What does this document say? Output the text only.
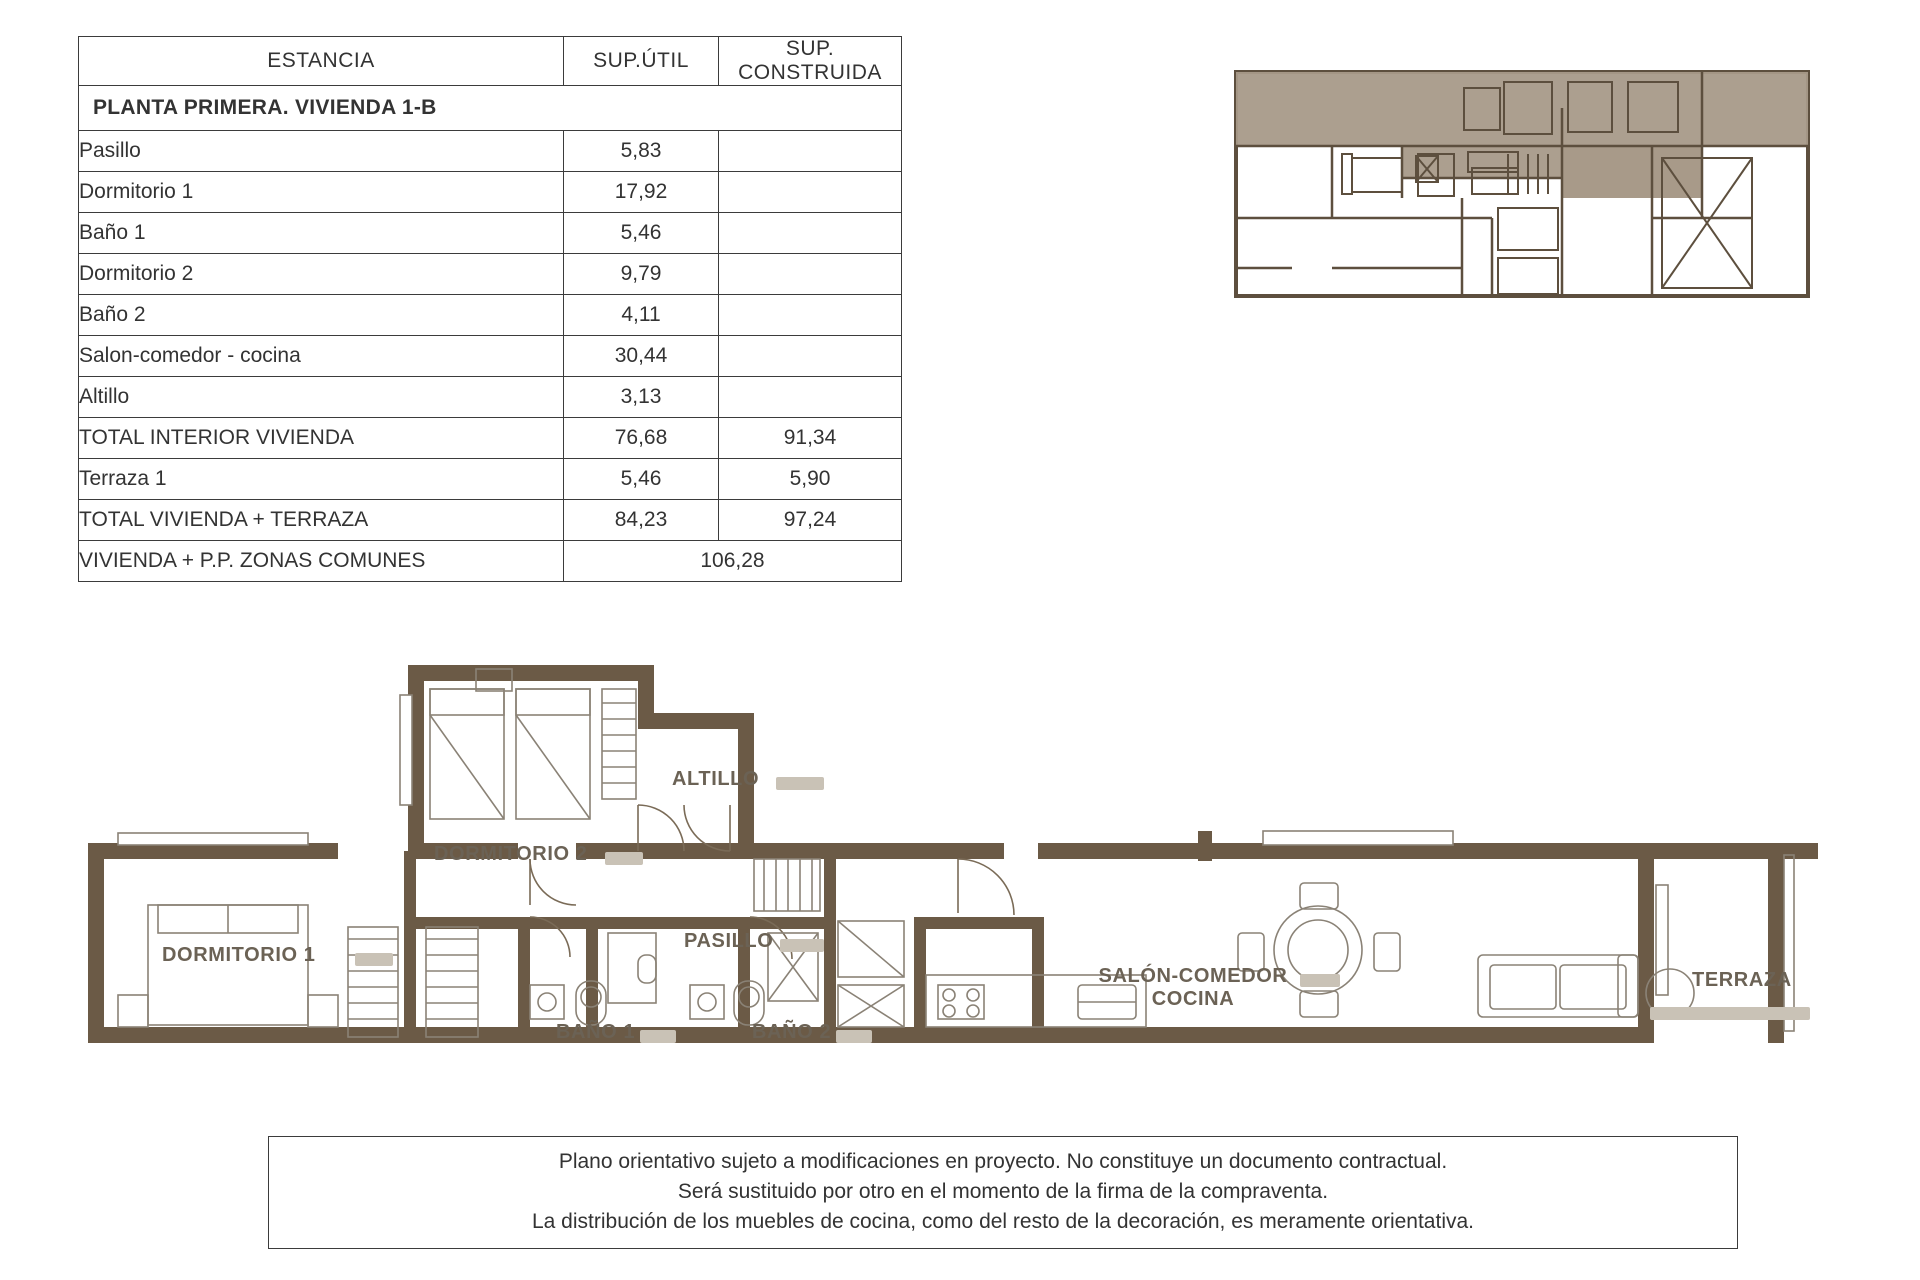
ESTANCIA	SUP.ÚTIL	SUP. CONSTRUIDA
PLANTA PRIMERA. VIVIENDA 1-B		
Pasillo	5,83	
Dormitorio 1	17,92	
Baño 1	5,46	
Dormitorio 2	9,79	
Baño 2	4,11	
Salon-comedor - cocina	30,44	
Altillo	3,13	
TOTAL INTERIOR VIVIENDA	76,68	91,34
Terraza 1	5,46	5,90
TOTAL VIVIENDA + TERRAZA	84,23	97,24
VIVIENDA + P.P. ZONAS COMUNES	106,28	
ALTILLO
DORMITORIO 2
DORMITORIO 1
PASILLO
BAÑO 1	BAÑO 2
SALÓN-COMEDOR
COCINA
TERRAZA

Plano orientativo sujeto a modificaciones en proyecto. No constituye un documento contractual.

Será sustituido por otro en el momento de la firma de la compraventa.

La distribución de los muebles de cocina, como del resto de la decoración, es meramente orientativa.
